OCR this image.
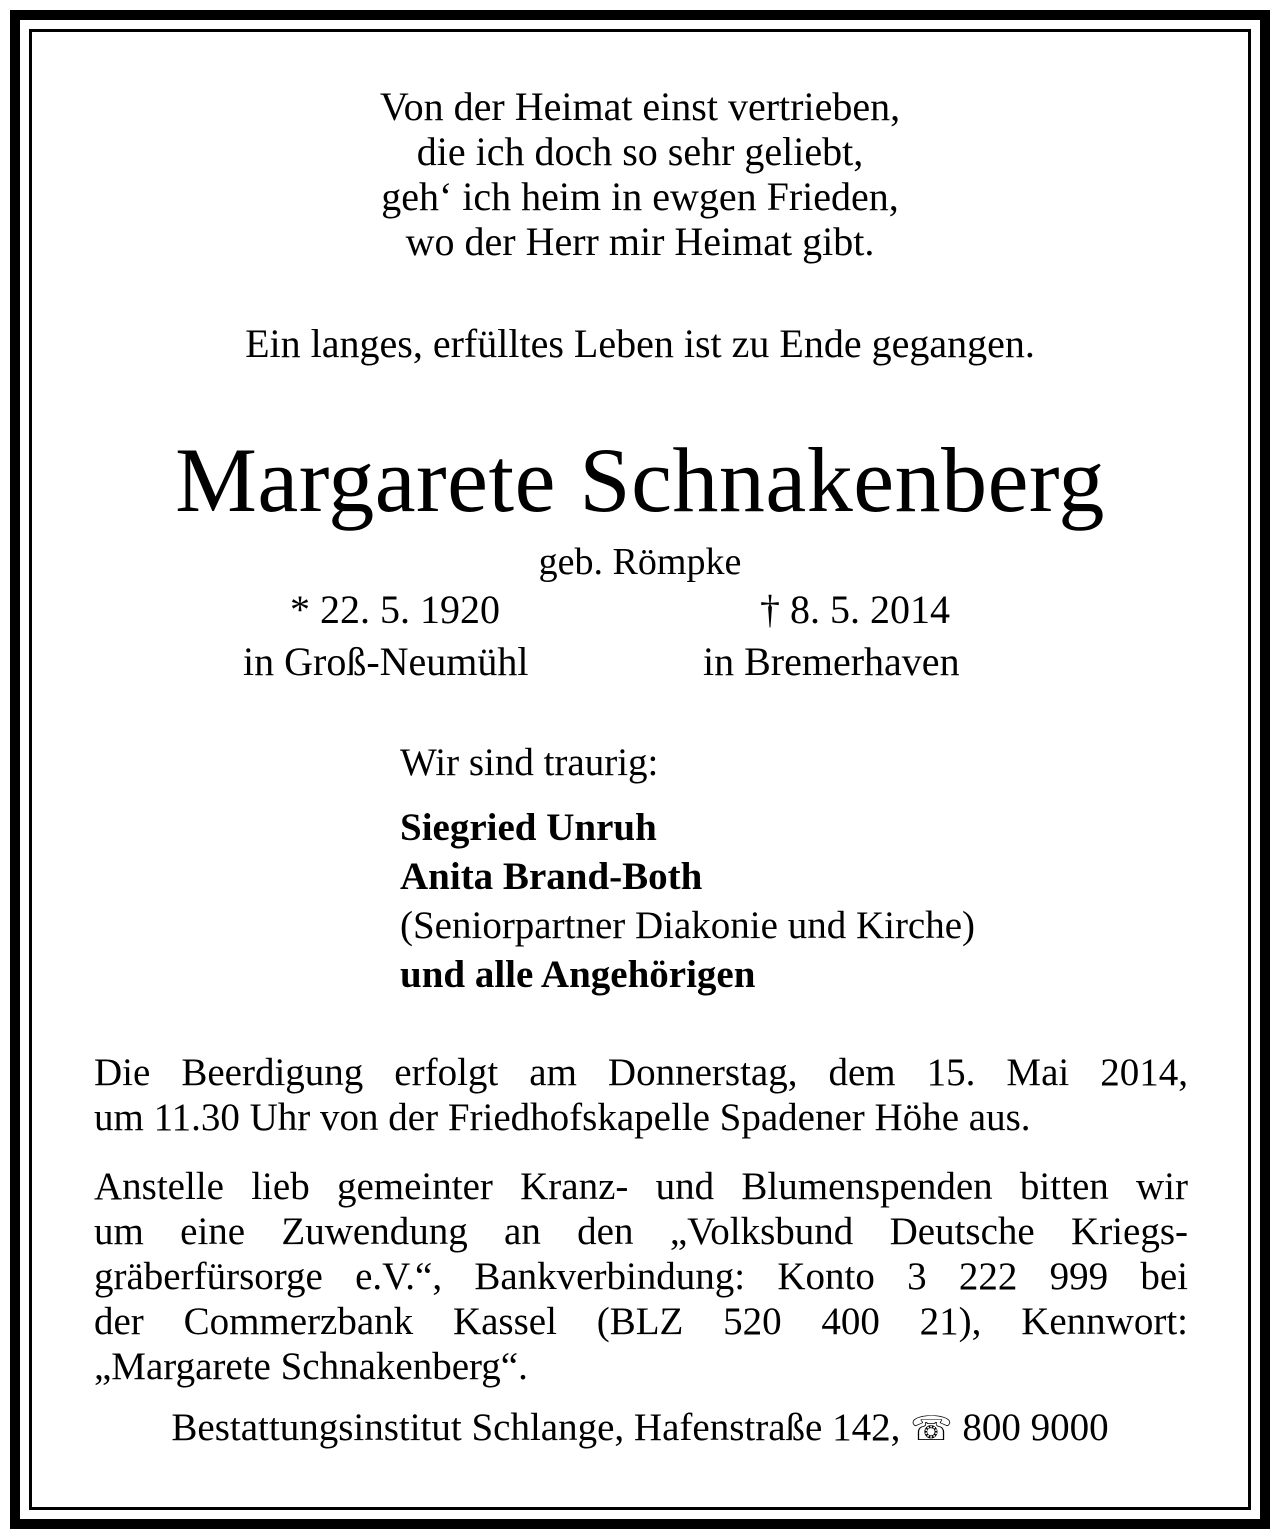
Von der Heimat einst vertrieben,
die ich doch so sehr geliebt,
geh‘ ich heim in ewgen Frieden,
wo der Herr mir Heimat gibt.
Ein langes, erfülltes Leben ist zu Ende gegangen.
Margarete Schnakenberg
geb. Römpke
* 22. 5. 1920	† 8. 5. 2014
in Groß-Neumühl	in Bremerhaven
Wir sind traurig:
Siegried Unruh
Anita Brand-Both
(Seniorpartner Diakonie und Kirche)
und alle Angehörigen
Die Beerdigung erfolgt am Donnerstag, dem 15. Mai 2014,
um 11.30 Uhr von der Friedhofskapelle Spadener Höhe aus.
Anstelle lieb gemeinter Kranz- und Blumenspenden bitten wir
um eine Zuwendung an den „Volksbund Deutsche Kriegs-
gräberfürsorge e.V.“, Bankverbindung: Konto 3 222 999 bei
der Commerzbank Kassel (BLZ 520 400 21), Kennwort:
„Margarete Schnakenberg“.
Bestattungsinstitut Schlange, Hafenstraße 142, ☏ 800 9000
